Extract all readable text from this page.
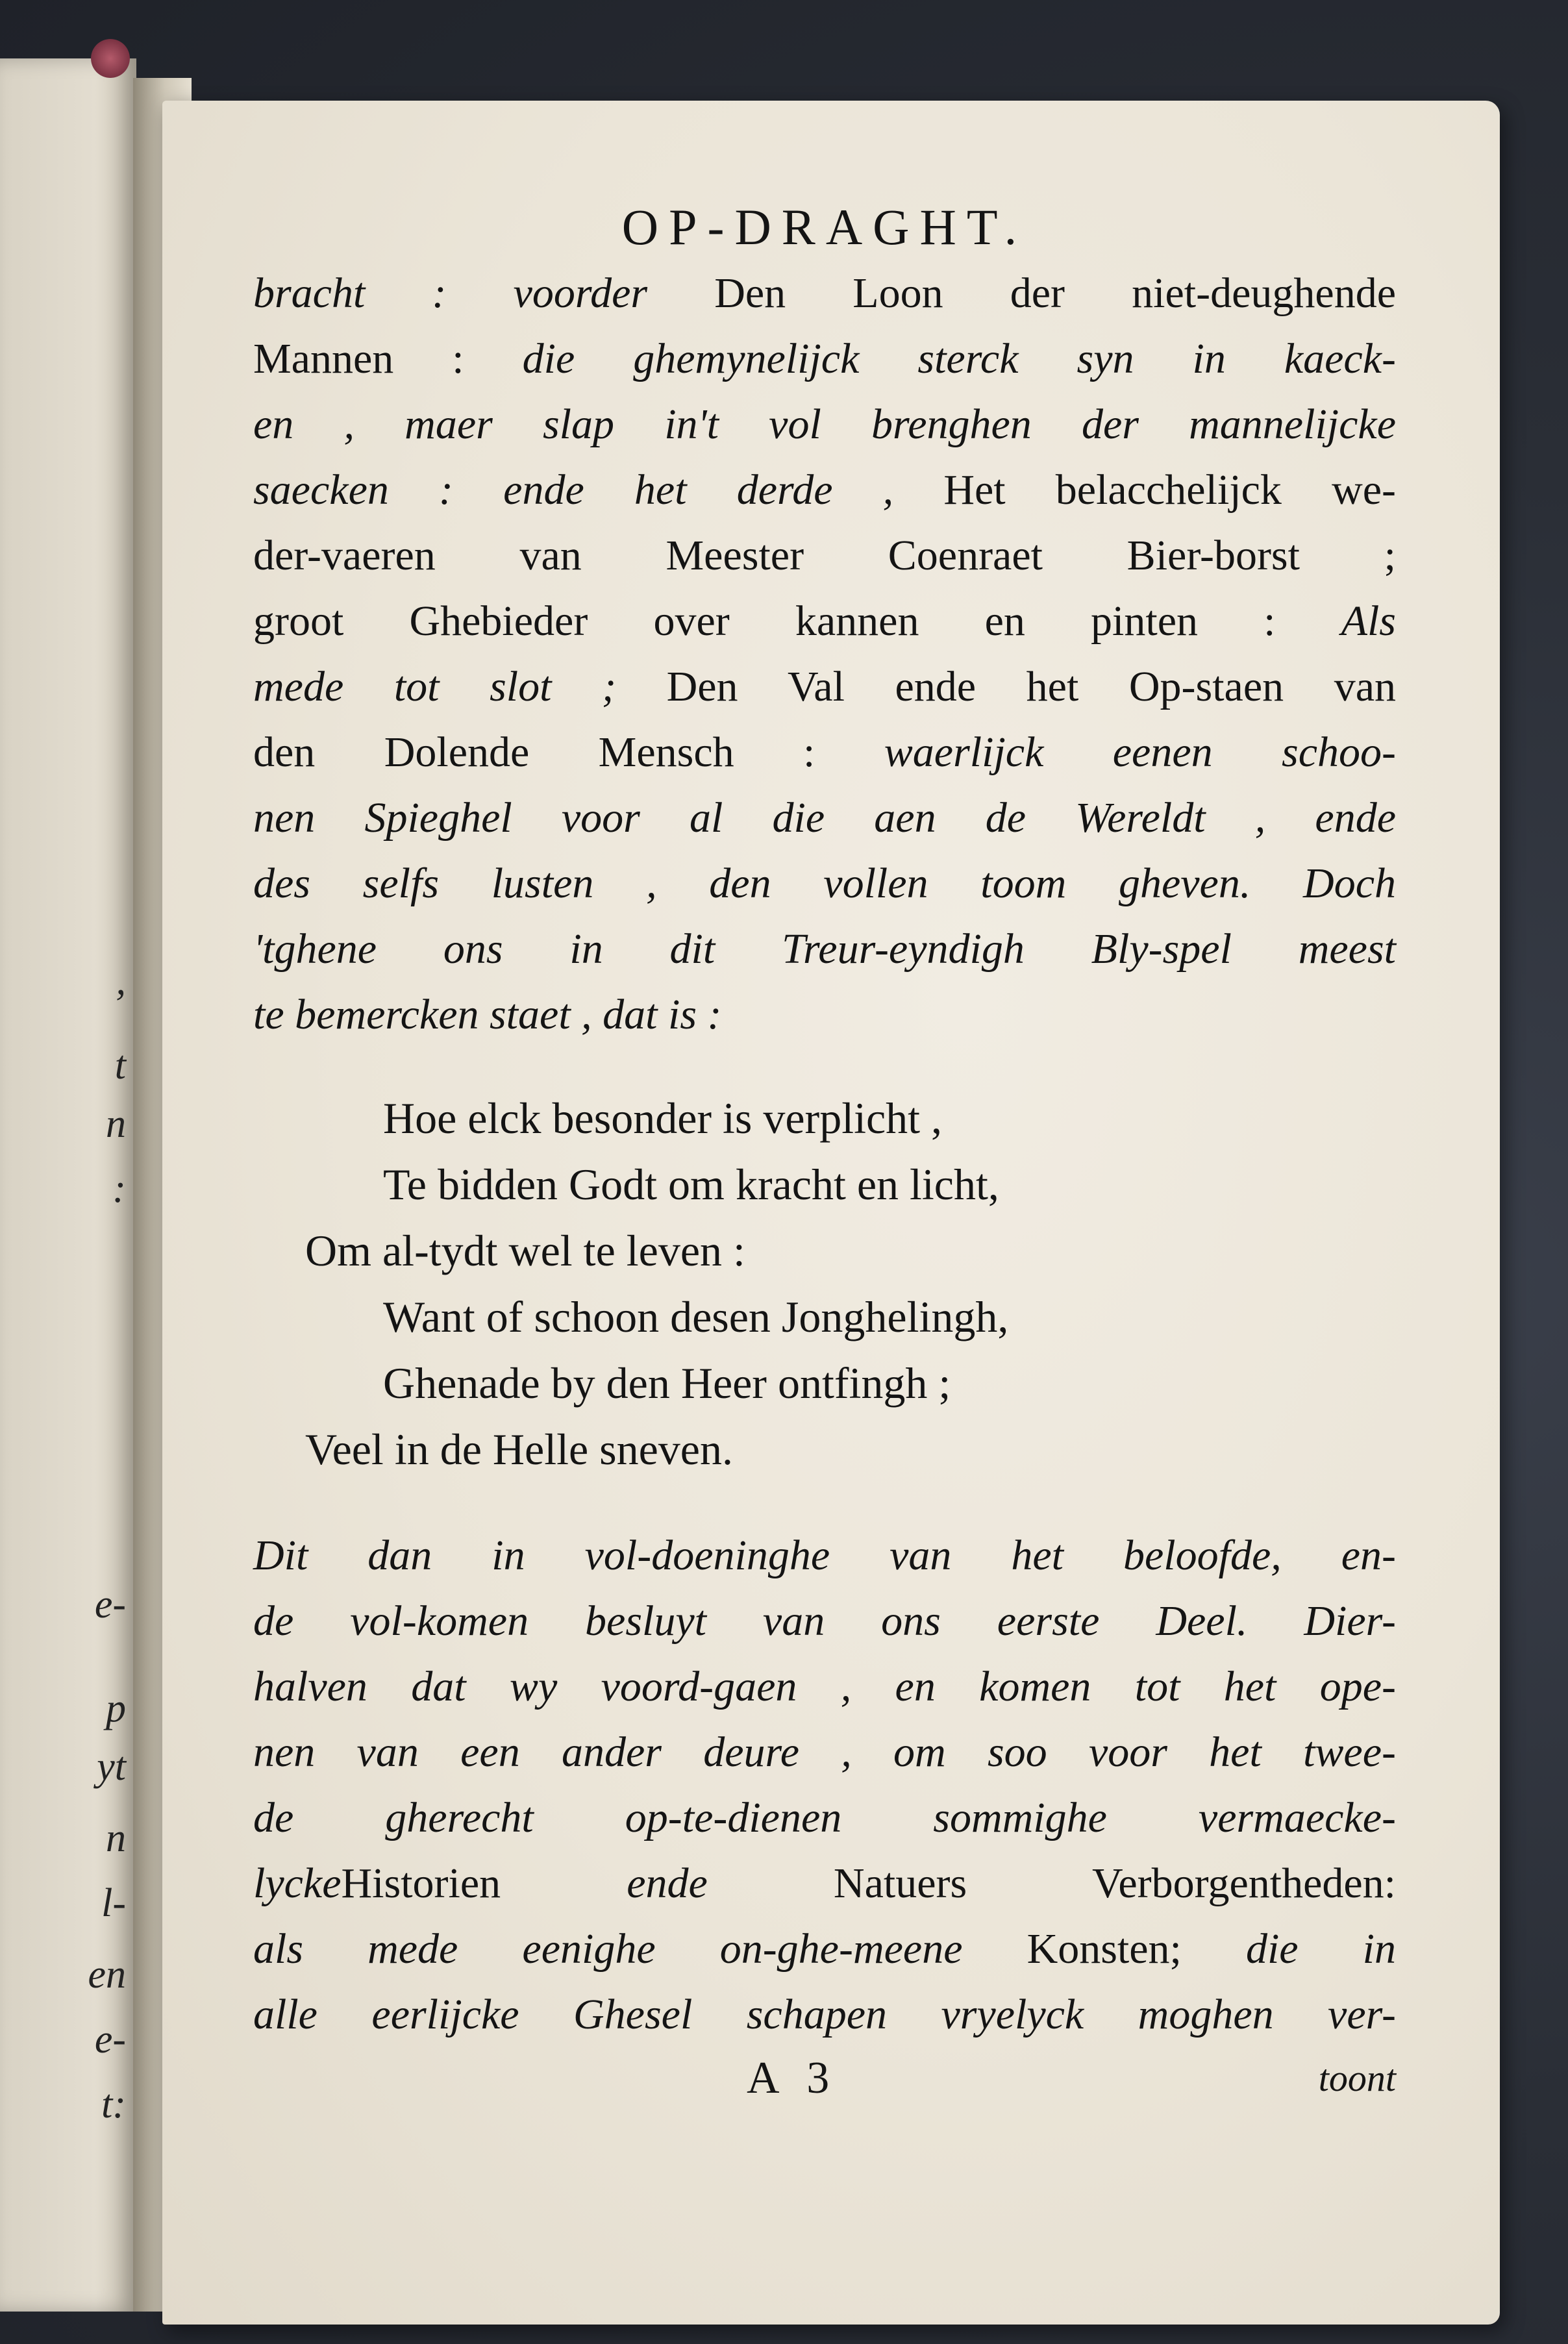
,
t
n
:
e-
p
yt
n
l-
en
e-
t:
OP-DRAGHT.
bracht : voorder Den Loon der niet-deughende
Mannen : die ghemynelijck sterck syn in kaeck-
en , maer slap in't vol brenghen der mannelijcke
saecken : ende het derde , Het belacchelijck we-
der-vaeren van Meester Coenraet Bier-borst ;
groot Ghebieder over kannen en pinten : Als
mede tot slot ; Den Val ende het Op-staen van
den Dolende Mensch : waerlijck eenen schoo-
nen Spieghel voor al die aen de Wereldt , ende
des selfs lusten , den vollen toom gheven. Doch
'tghene ons in dit Treur-eyndigh Bly-spel meest
te bemercken staet , dat is :
Hoe elck besonder is verplicht ,
Te bidden Godt om kracht en licht,
Om al-tydt wel te leven :
Want of schoon desen Jonghelingh,
Ghenade by den Heer ontfingh ;
Veel in de Helle sneven.
Dit dan in vol-doeninghe van het beloofde, en-
de vol-komen besluyt van ons eerste Deel. Dier-
halven dat wy voord-gaen , en komen tot het ope-
nen van een ander deure , om soo voor het twee-
de gherecht op-te-dienen sommighe vermaecke-
lyckeHistorien ende Natuers Verborgentheden:
als mede eenighe on-ghe-meene Konsten; die in
alle eerlijcke Ghesel schapen vryelyck moghen ver-
A 3	toont
